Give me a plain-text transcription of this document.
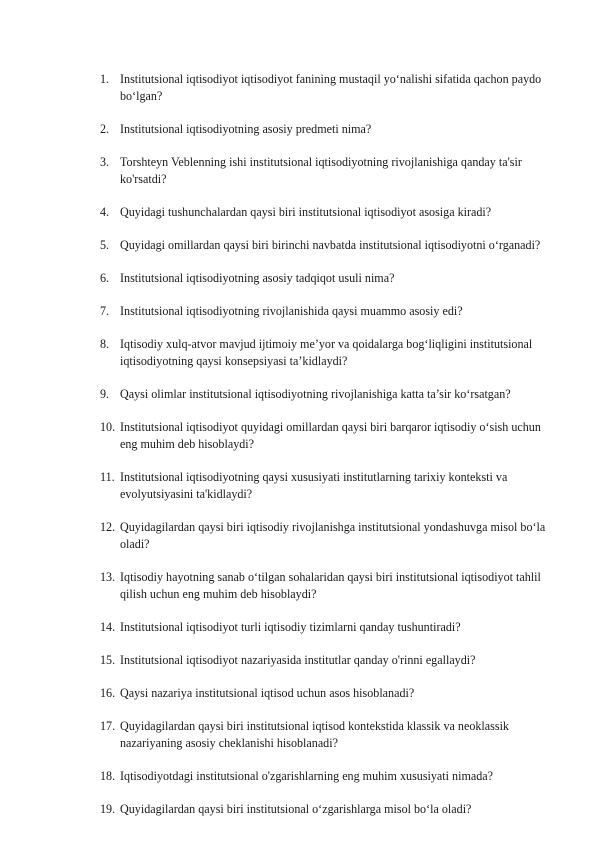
1. Institutsional iqtisodiyot iqtisodiyot fanining mustaqil yo‘nalishi sifatida qachon paydo bo‘lgan?
2. Institutsional iqtisodiyotning asosiy predmeti nima?
3. Torshteyn Veblenning ishi institutsional iqtisodiyotning rivojlanishiga qanday ta'sir ko'rsatdi?
4. Quyidagi tushunchalardan qaysi biri institutsional iqtisodiyot asosiga kiradi?
5. Quyidagi omillardan qaysi biri birinchi navbatda institutsional iqtisodiyotni o‘rganadi?
6. Institutsional iqtisodiyotning asosiy tadqiqot usuli nima?
7. Institutsional iqtisodiyotning rivojlanishida qaysi muammo asosiy edi?
8. Iqtisodiy xulq-atvor mavjud ijtimoiy me’yor va qoidalarga bog‘liqligini institutsional iqtisodiyotning qaysi konsepsiyasi ta’kidlaydi?
9. Qaysi olimlar institutsional iqtisodiyotning rivojlanishiga katta ta’sir ko‘rsatgan?
10. Institutsional iqtisodiyot quyidagi omillardan qaysi biri barqaror iqtisodiy o‘sish uchun eng muhim deb hisoblaydi?
11. Institutsional iqtisodiyotning qaysi xususiyati institutlarning tarixiy konteksti va evolyutsiyasini ta'kidlaydi?
12. Quyidagilardan qaysi biri iqtisodiy rivojlanishga institutsional yondashuvga misol bo‘la oladi?
13. Iqtisodiy hayotning sanab o‘tilgan sohalaridan qaysi biri institutsional iqtisodiyot tahlil qilish uchun eng muhim deb hisoblaydi?
14. Institutsional iqtisodiyot turli iqtisodiy tizimlarni qanday tushuntiradi?
15. Institutsional iqtisodiyot nazariyasida institutlar qanday o'rinni egallaydi?
16. Qaysi nazariya institutsional iqtisod uchun asos hisoblanadi?
17. Quyidagilardan qaysi biri institutsional iqtisod kontekstida klassik va neoklassik nazariyaning asosiy cheklanishi hisoblanadi?
18. Iqtisodiyotdagi institutsional o'zgarishlarning eng muhim xususiyati nimada?
19. Quyidagilardan qaysi biri institutsional o‘zgarishlarga misol bo‘la oladi?
